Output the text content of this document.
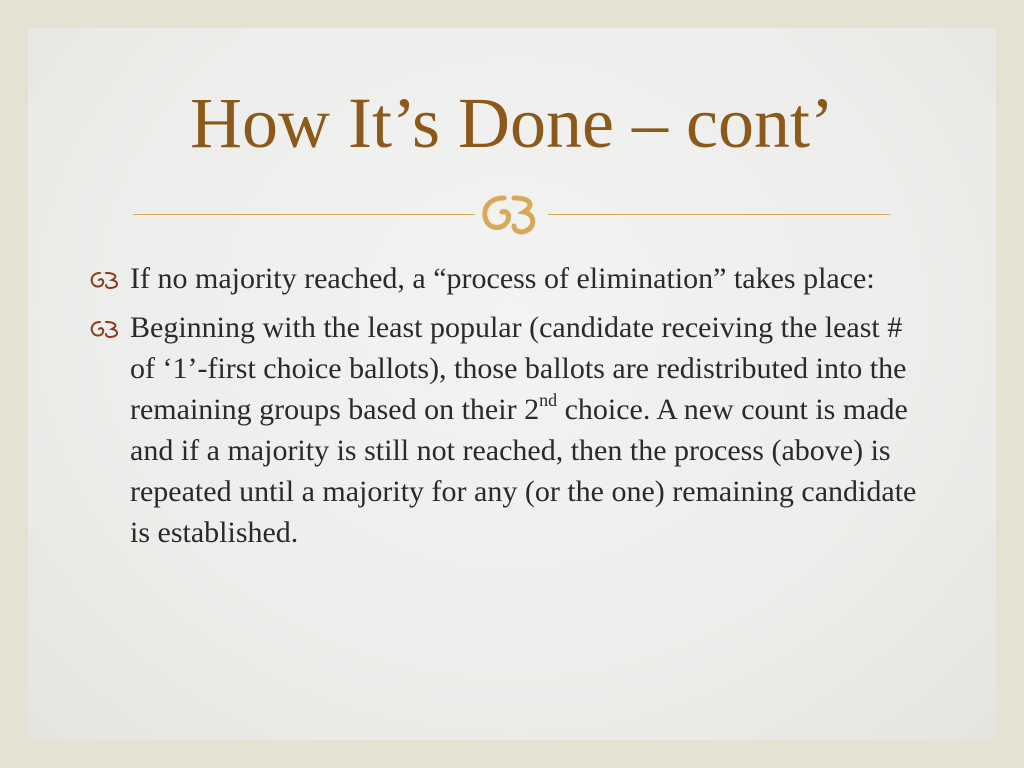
How It’s Done – cont’
If no majority reached, a “process of elimination” takes place:
Beginning with the least popular (candidate receiving the least # of ‘1’-first choice ballots), those ballots are redistributed into the remaining groups based on their 2nd choice. A new count is made and if a majority is still not reached, then the process (above) is repeated until a majority for any (or the one) remaining candidate is established.
